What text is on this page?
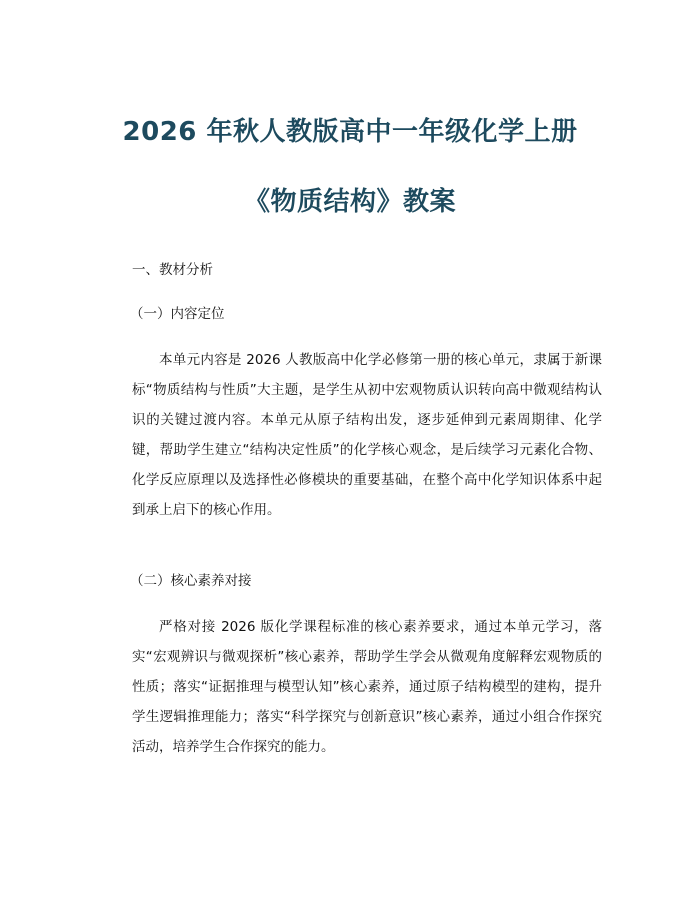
2026 年秋人教版高中一年级化学上册
《物质结构》教案

一、教材分析

（一）内容定位

本单元内容是 2026 人教版高中化学必修第一册的核心单元，隶属于新课标“物质结构与性质”大主题，是学生从初中宏观物质认识转向高中微观结构认识的关键过渡内容。本单元从原子结构出发，逐步延伸到元素周期律、化学键，帮助学生建立“结构决定性质”的化学核心观念，是后续学习元素化合物、化学反应原理以及选择性必修模块的重要基础，在整个高中化学知识体系中起到承上启下的核心作用。

（二）核心素养对接

严格对接 2026 版化学课程标准的核心素养要求，通过本单元学习，落实“宏观辨识与微观探析”核心素养，帮助学生学会从微观角度解释宏观物质的性质；落实“证据推理与模型认知”核心素养，通过原子结构模型的建构，提升学生逻辑推理能力；落实“科学探究与创新意识”核心素养，通过小组合作探究活动，培养学生合作探究的能力。
